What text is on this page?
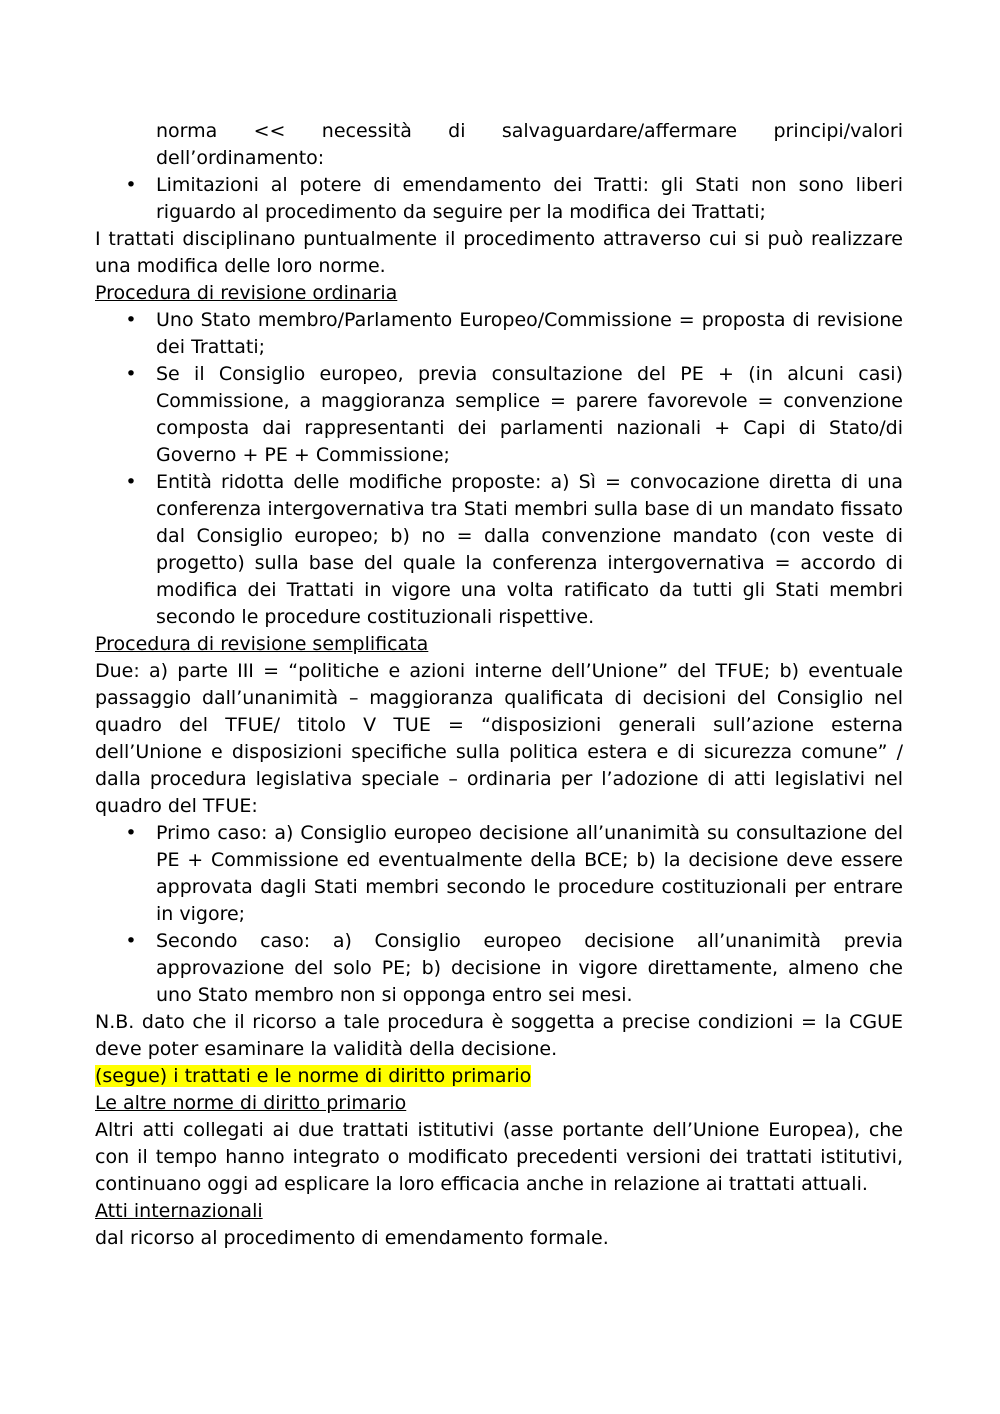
norma << necessità di salvaguardare/affermare principi/valori dell’ordinamento:

• Limitazioni al potere di emendamento dei Tratti: gli Stati non sono liberi riguardo al procedimento da seguire per la modifica dei Trattati;

I trattati disciplinano puntualmente il procedimento attraverso cui si può realizzare una modifica delle loro norme.

Procedura di revisione ordinaria

• Uno Stato membro/Parlamento Europeo/Commissione = proposta di revisione dei Trattati;
• Se il Consiglio europeo, previa consultazione del PE + (in alcuni casi) Commissione, a maggioranza semplice = parere favorevole = convenzione composta dai rappresentanti dei parlamenti nazionali + Capi di Stato/di Governo + PE + Commissione;
• Entità ridotta delle modifiche proposte: a) Sì = convocazione diretta di una conferenza intergovernativa tra Stati membri sulla base di un mandato fissato dal Consiglio europeo; b) no = dalla convenzione mandato (con veste di progetto) sulla base del quale la conferenza intergovernativa = accordo di modifica dei Trattati in vigore una volta ratificato da tutti gli Stati membri secondo le procedure costituzionali rispettive.

Procedura di revisione semplificata

Due: a) parte III = “politiche e azioni interne dell’Unione” del TFUE; b) eventuale passaggio dall’unanimità – maggioranza qualificata di decisioni del Consiglio nel quadro del TFUE/ titolo V TUE = “disposizioni generali sull’azione esterna dell’Unione e disposizioni specifiche sulla politica estera e di sicurezza comune” / dalla procedura legislativa speciale – ordinaria per l’adozione di atti legislativi nel quadro del TFUE:

• Primo caso: a) Consiglio europeo decisione all’unanimità su consultazione del PE + Commissione ed eventualmente della BCE; b) la decisione deve essere approvata dagli Stati membri secondo le procedure costituzionali per entrare in vigore;
• Secondo caso: a) Consiglio europeo decisione all’unanimità previa approvazione del solo PE; b) decisione in vigore direttamente, almeno che uno Stato membro non si opponga entro sei mesi.

N.B. dato che il ricorso a tale procedura è soggetta a precise condizioni = la CGUE deve poter esaminare la validità della decisione.

(segue) i trattati e le norme di diritto primario

Le altre norme di diritto primario

Altri atti collegati ai due trattati istitutivi (asse portante dell’Unione Europea), che con il tempo hanno integrato o modificato precedenti versioni dei trattati istitutivi, continuano oggi ad esplicare la loro efficacia anche in relazione ai trattati attuali.

Atti internazionali

dal ricorso al procedimento di emendamento formale.
